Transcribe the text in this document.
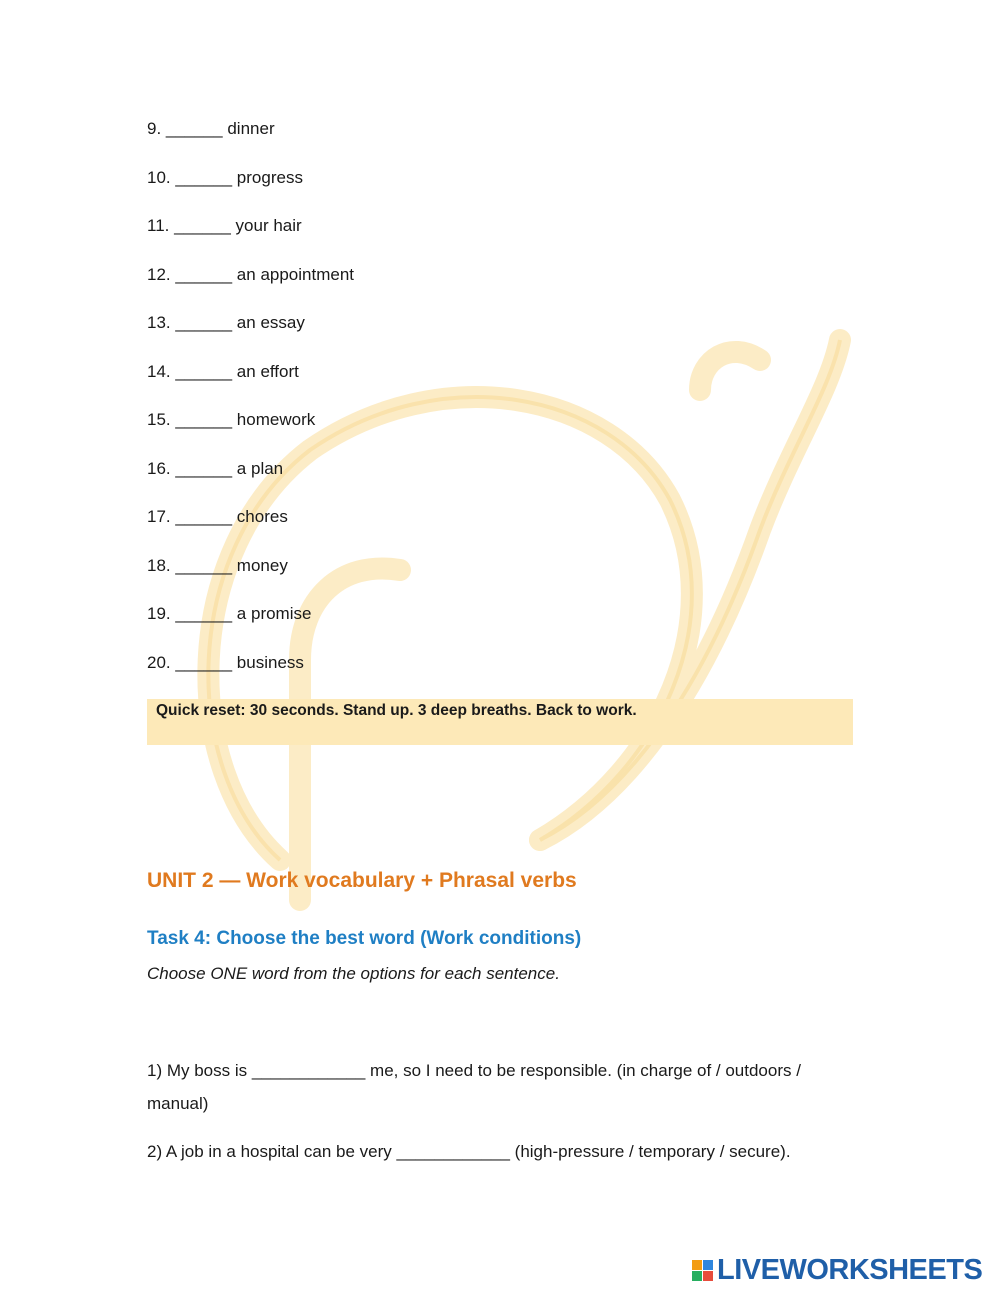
9. ______ dinner
10. ______ progress
11. ______ your hair
12. ______ an appointment
13. ______ an essay
14. ______ an effort
15. ______ homework
16. ______ a plan
17. ______ chores
18. ______ money
19. ______ a promise
20. ______ business
Quick reset: 30 seconds. Stand up. 3 deep breaths. Back to work.
UNIT 2 — Work vocabulary + Phrasal verbs
Task 4: Choose the best word (Work conditions)
Choose ONE word from the options for each sentence.
1) My boss is ____________ me, so I need to be responsible. (in charge of / outdoors / manual)
2) A job in a hospital can be very ____________ (high-pressure / temporary / secure).
LIVEWORKSHEETS
